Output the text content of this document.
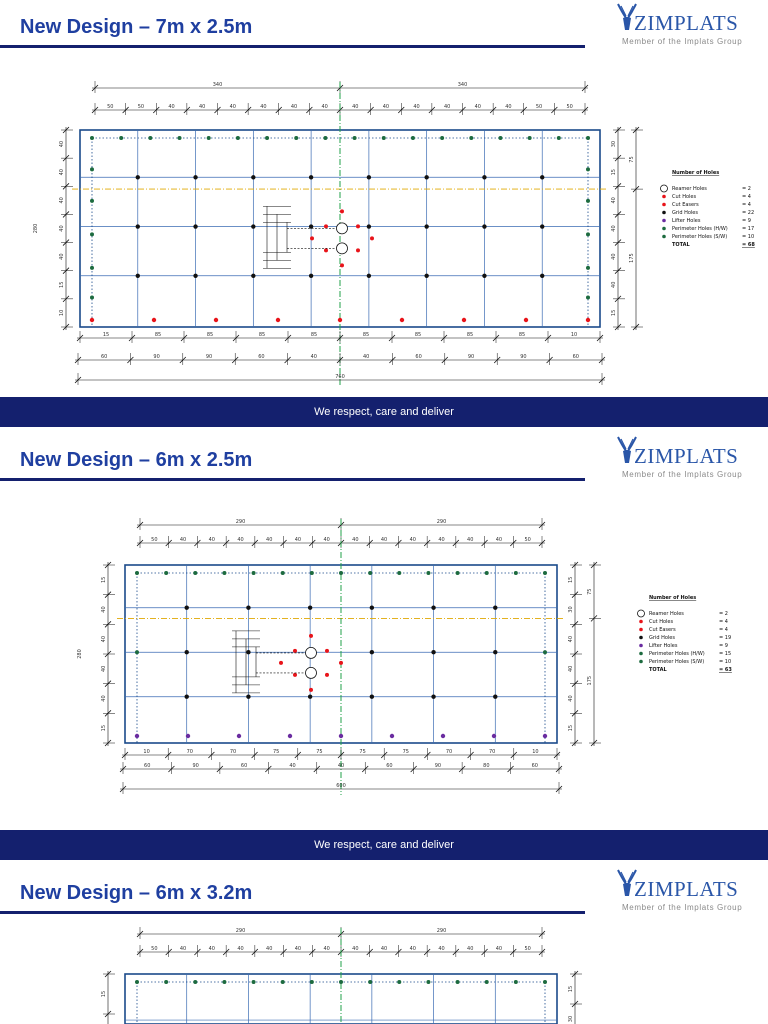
New Design – 7m x 2.5m	ZIMPLATS
Member of the Implats Group
340	340
50	50	40	40	40	40	40	40	40	40	40	40	40	40	50	50
280
40
40
40
40
40
15
10
30
15
40
40
40
40
15
75
175
15	85	85	85	85	85	85	85	85	10
60	90	90	60	40	40	60	90	90	60
760
Number of Holes
Reamer Holes	= 2
Cut Holes	= 4
Cut Easers	= 4
Grid Holes	= 22
Lifter Holes	= 9
Perimeter Holes (H/W)	= 17
Perimeter Holes (S/W)	= 10
TOTAL	= 68
We respect, care and deliver
New Design – 6m x 2.5m	ZIMPLATS
Member of the Implats Group
290	290
50	40	40	40	40	40	40	40	40	40	40	40	40	50
280
15
40
40
40
40
15
15
30
40
40
40
15
75
175
10	70	70	75	75	75	75	70	70	10
60	90	60	40	40	60	90	80	60
600
Number of Holes
Reamer Holes	= 2
Cut Holes	= 4
Cut Easers	= 4
Grid Holes	= 19
Lifter Holes	= 9
Perimeter Holes (H/W)	= 15
Perimeter Holes (S/W)	= 10
TOTAL	= 63
We respect, care and deliver
New Design – 6m x 3.2m	ZIMPLATS
Member of the Implats Group
290	290
50	40	40	40	40	40	40	40	40	40	40	40	40	50
15
15
30
